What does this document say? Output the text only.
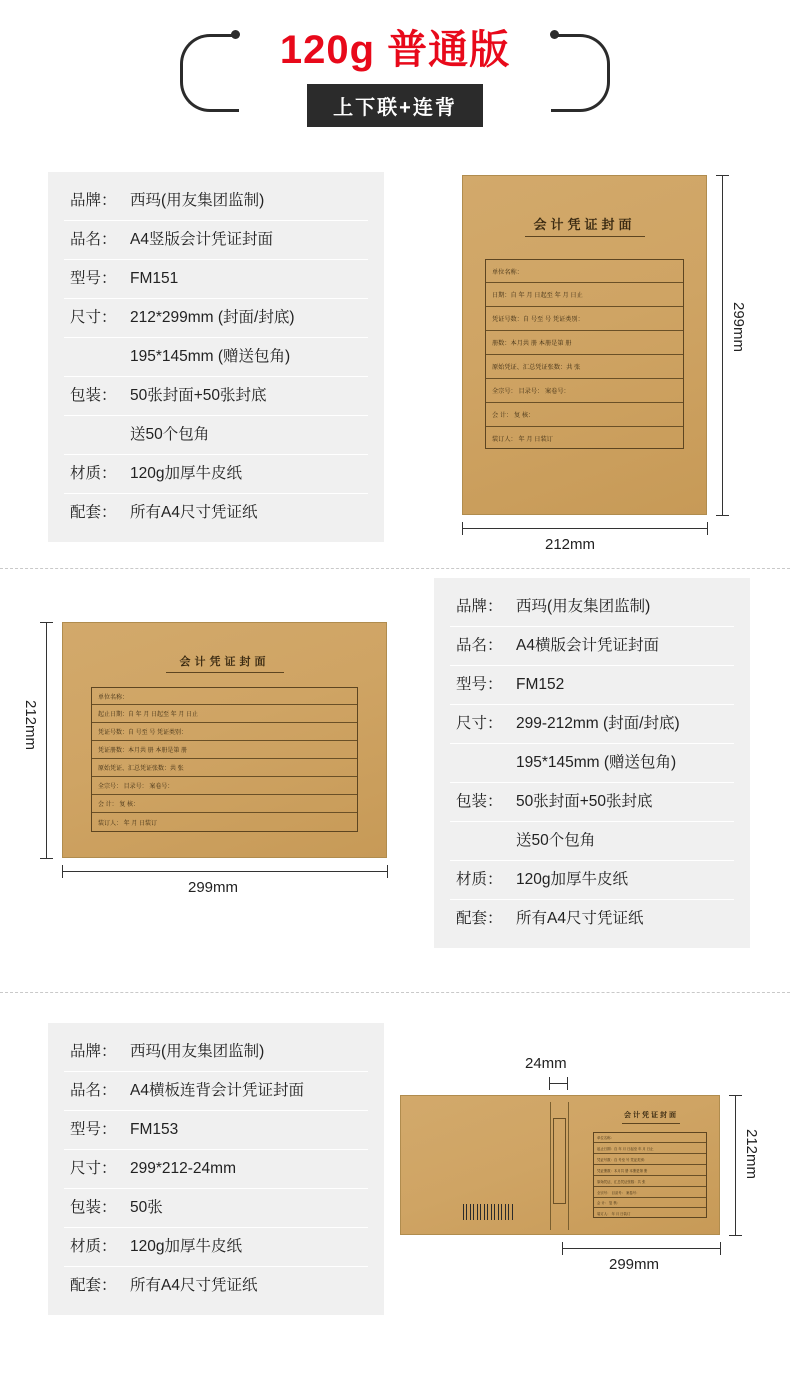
120g 普通版
上下联+连背
品牌： 西玛(用友集团监制)
品名： A4竖版会计凭证封面
型号： FM151
尺寸： 212*299mm (封面/封底)
195*145mm (赠送包角)
包装： 50张封面+50张封底
送50个包角
材质： 120g加厚牛皮纸
配套： 所有A4尺寸凭证纸
会计凭证封面
单位名称：
日期：自 年 月 日起至 年 月 日止
凭证号数：自 号至 号 凭证类别：
册数：本月共 册 本册是第 册
原始凭证、汇总凭证张数：共 张
全宗号： 目录号： 案卷号：
会 计： 复 核：
装订人： 年 月 日装订
299mm
212mm
会计凭证封面
单位名称：
起止日期：自 年 月 日起至 年 月 日止
凭证号数：自 号至 号 凭证类别：
凭证册数：本月共 册 本册是第 册
原始凭证、汇总凭证张数：共 张
全宗号： 目录号： 案卷号：
会 计： 复 核：
装订人： 年 月 日装订
212mm
299mm
品牌： 西玛(用友集团监制)
品名： A4横版会计凭证封面
型号： FM152
尺寸： 299-212mm (封面/封底)
195*145mm (赠送包角)
包装： 50张封面+50张封底
送50个包角
材质： 120g加厚牛皮纸
配套： 所有A4尺寸凭证纸
品牌： 西玛(用友集团监制)
品名： A4横板连背会计凭证封面
型号： FM153
尺寸： 299*212-24mm
包装： 50张
材质： 120g加厚牛皮纸
配套： 所有A4尺寸凭证纸
24mm
会计凭证封面
单位名称：
起止日期：自 年 月 日起至 年 月 日止
凭证号数：自 号至 号 凭证类别：
凭证册数：本月共 册 本册是第 册
原始凭证、汇总凭证张数：共 张
全宗号： 目录号： 案卷号：
会 计： 复 核：
装订人： 年 月 日装订
212mm
299mm
